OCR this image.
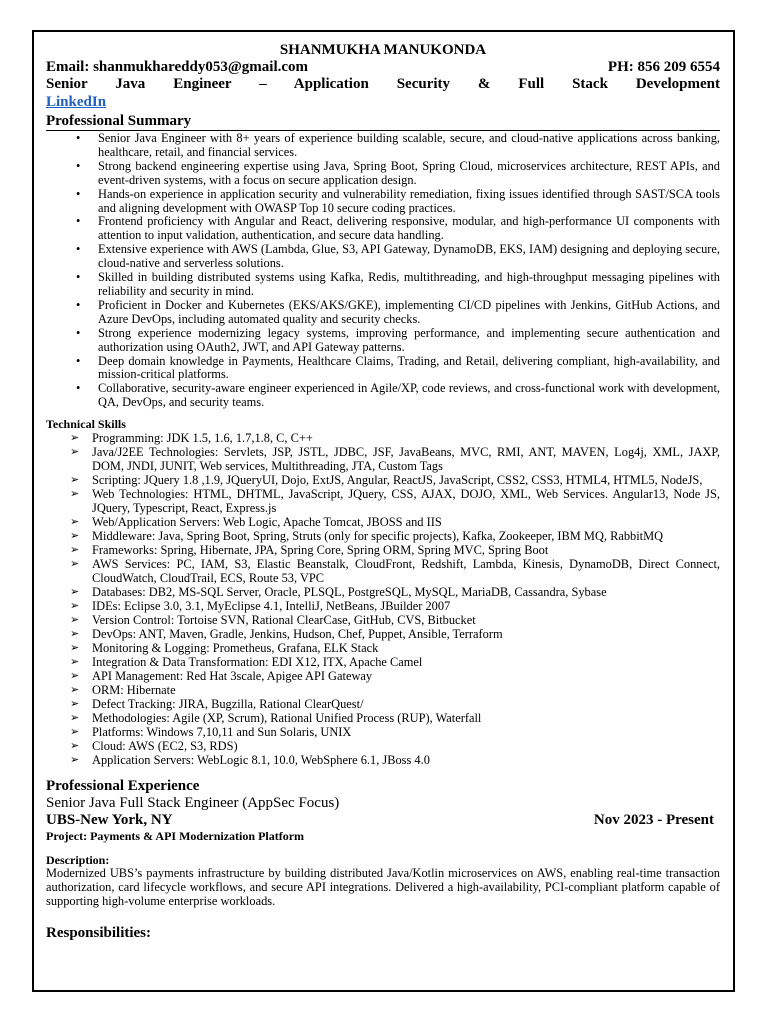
SHANMUKHA MANUKONDA
Email: shanmukhareddy053@gmail.com	PH: 856 209 6554
Senior Java Engineer – Application Security & Full Stack Development
LinkedIn
Professional Summary
• Senior Java Engineer with 8+ years of experience building scalable, secure, and cloud-native applications across banking, healthcare, retail, and financial services.
• Strong backend engineering expertise using Java, Spring Boot, Spring Cloud, microservices architecture, REST APIs, and event-driven systems, with a focus on secure application design.
• Hands-on experience in application security and vulnerability remediation, fixing issues identified through SAST/SCA tools and aligning development with OWASP Top 10 secure coding practices.
• Frontend proficiency with Angular and React, delivering responsive, modular, and high-performance UI components with attention to input validation, authentication, and secure data handling.
• Extensive experience with AWS (Lambda, Glue, S3, API Gateway, DynamoDB, EKS, IAM) designing and deploying secure, cloud-native and serverless solutions.
• Skilled in building distributed systems using Kafka, Redis, multithreading, and high-throughput messaging pipelines with reliability and security in mind.
• Proficient in Docker and Kubernetes (EKS/AKS/GKE), implementing CI/CD pipelines with Jenkins, GitHub Actions, and Azure DevOps, including automated quality and security checks.
• Strong experience modernizing legacy systems, improving performance, and implementing secure authentication and authorization using OAuth2, JWT, and API Gateway patterns.
• Deep domain knowledge in Payments, Healthcare Claims, Trading, and Retail, delivering compliant, high-availability, and mission-critical platforms.
• Collaborative, security-aware engineer experienced in Agile/XP, code reviews, and cross-functional work with development, QA, DevOps, and security teams.
Technical Skills
➢ Programming: JDK 1.5, 1.6, 1.7,1.8, C, C++
➢ Java/J2EE Technologies: Servlets, JSP, JSTL, JDBC, JSF, JavaBeans, MVC, RMI, ANT, MAVEN, Log4j, XML, JAXP, DOM, JNDI, JUNIT, Web services, Multithreading, JTA, Custom Tags
➢ Scripting: JQuery 1.8 ,1.9, JQueryUI, Dojo, ExtJS, Angular, ReactJS, JavaScript, CSS2, CSS3, HTML4, HTML5, NodeJS,
➢ Web Technologies: HTML, DHTML, JavaScript, JQuery, CSS, AJAX, DOJO, XML, Web Services. Angular13, Node JS, JQuery, Typescript, React, Express.js
➢ Web/Application Servers: Web Logic, Apache Tomcat, JBOSS and IIS
➢ Middleware: Java, Spring Boot, Spring, Struts (only for specific projects), Kafka, Zookeeper, IBM MQ, RabbitMQ
➢ Frameworks: Spring, Hibernate, JPA, Spring Core, Spring ORM, Spring MVC, Spring Boot
➢ AWS Services: PC, IAM, S3, Elastic Beanstalk, CloudFront, Redshift, Lambda, Kinesis, DynamoDB, Direct Connect, CloudWatch, CloudTrail, ECS, Route 53, VPC
➢ Databases: DB2, MS-SQL Server, Oracle, PLSQL, PostgreSQL, MySQL, MariaDB, Cassandra, Sybase
➢ IDEs: Eclipse 3.0, 3.1, MyEclipse 4.1, IntelliJ, NetBeans, JBuilder 2007
➢ Version Control: Tortoise SVN, Rational ClearCase, GitHub, CVS, Bitbucket
➢ DevOps: ANT, Maven, Gradle, Jenkins, Hudson, Chef, Puppet, Ansible, Terraform
➢ Monitoring & Logging: Prometheus, Grafana, ELK Stack
➢ Integration & Data Transformation: EDI X12, ITX, Apache Camel
➢ API Management: Red Hat 3scale, Apigee API Gateway
➢ ORM: Hibernate
➢ Defect Tracking: JIRA, Bugzilla, Rational ClearQuest/
➢ Methodologies: Agile (XP, Scrum), Rational Unified Process (RUP), Waterfall
➢ Platforms: Windows 7,10,11 and Sun Solaris, UNIX
➢ Cloud: AWS (EC2, S3, RDS)
➢ Application Servers: WebLogic 8.1, 10.0, WebSphere 6.1, JBoss 4.0
Professional Experience
Senior Java Full Stack Engineer (AppSec Focus)
UBS-New York, NY	Nov 2023 - Present
Project: Payments & API Modernization Platform
Description:
Modernized UBS’s payments infrastructure by building distributed Java/Kotlin microservices on AWS, enabling real-time transaction authorization, card lifecycle workflows, and secure API integrations. Delivered a high-availability, PCI-compliant platform capable of supporting high-volume enterprise workloads.
Responsibilities:
